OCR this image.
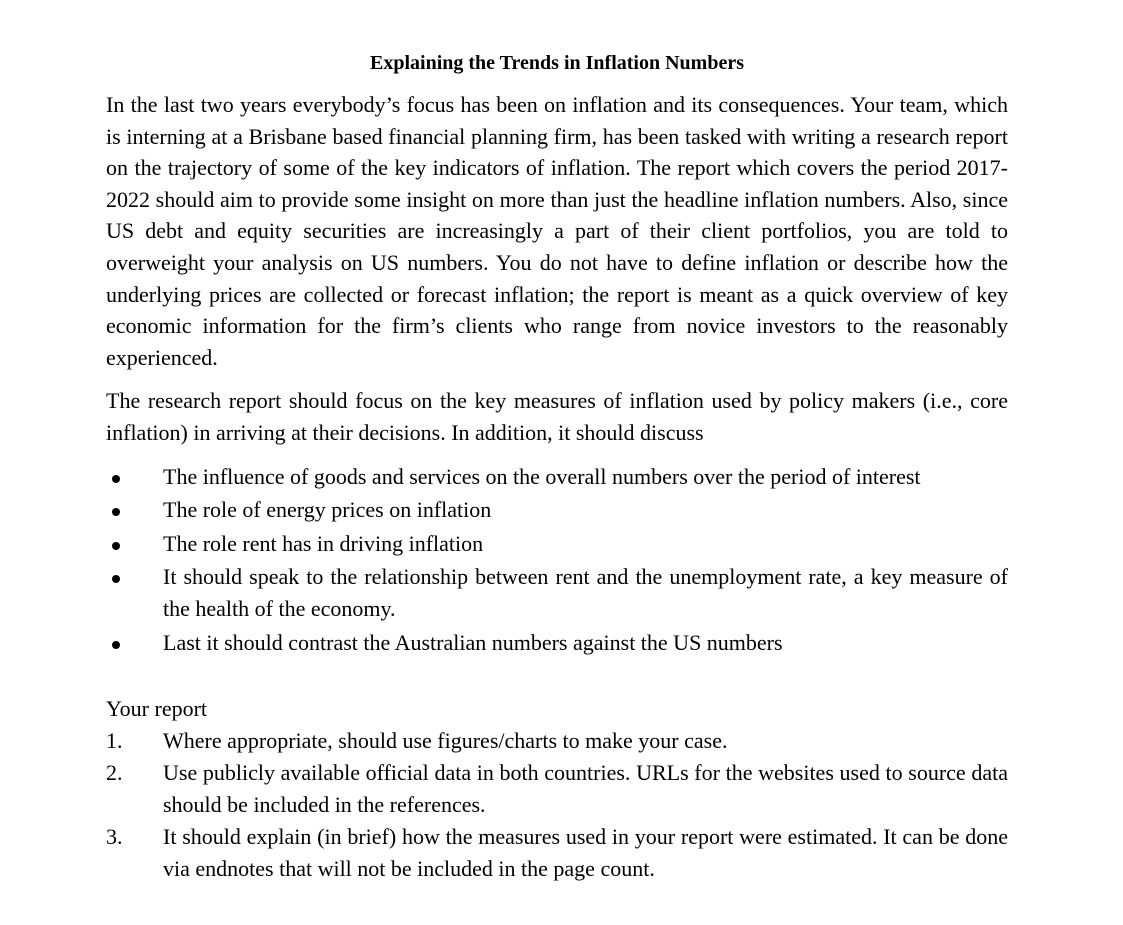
Explaining the Trends in Inflation Numbers

In the last two years everybody’s focus has been on inflation and its consequences. Your team, which is interning at a Brisbane based financial planning firm, has been tasked with writing a research report on the trajectory of some of the key indicators of inflation. The report which covers the period 2017-2022 should aim to provide some insight on more than just the headline inflation numbers. Also, since US debt and equity securities are increasingly a part of their client portfolios, you are told to overweight your analysis on US numbers. You do not have to define inflation or describe how the underlying prices are collected or forecast inflation; the report is meant as a quick overview of key economic information for the firm’s clients who range from novice investors to the reasonably experienced.

The research report should focus on the key measures of inflation used by policy makers (i.e., core inflation) in arriving at their decisions. In addition, it should discuss

The influence of goods and services on the overall numbers over the period of interest
The role of energy prices on inflation
The role rent has in driving inflation
It should speak to the relationship between rent and the unemployment rate, a key measure of the health of the economy.
Last it should contrast the Australian numbers against the US numbers
Your report
1. Where appropriate, should use figures/charts to make your case.
2. Use publicly available official data in both countries. URLs for the websites used to source data should be included in the references.
3. It should explain (in brief) how the measures used in your report were estimated. It can be done via endnotes that will not be included in the page count.
